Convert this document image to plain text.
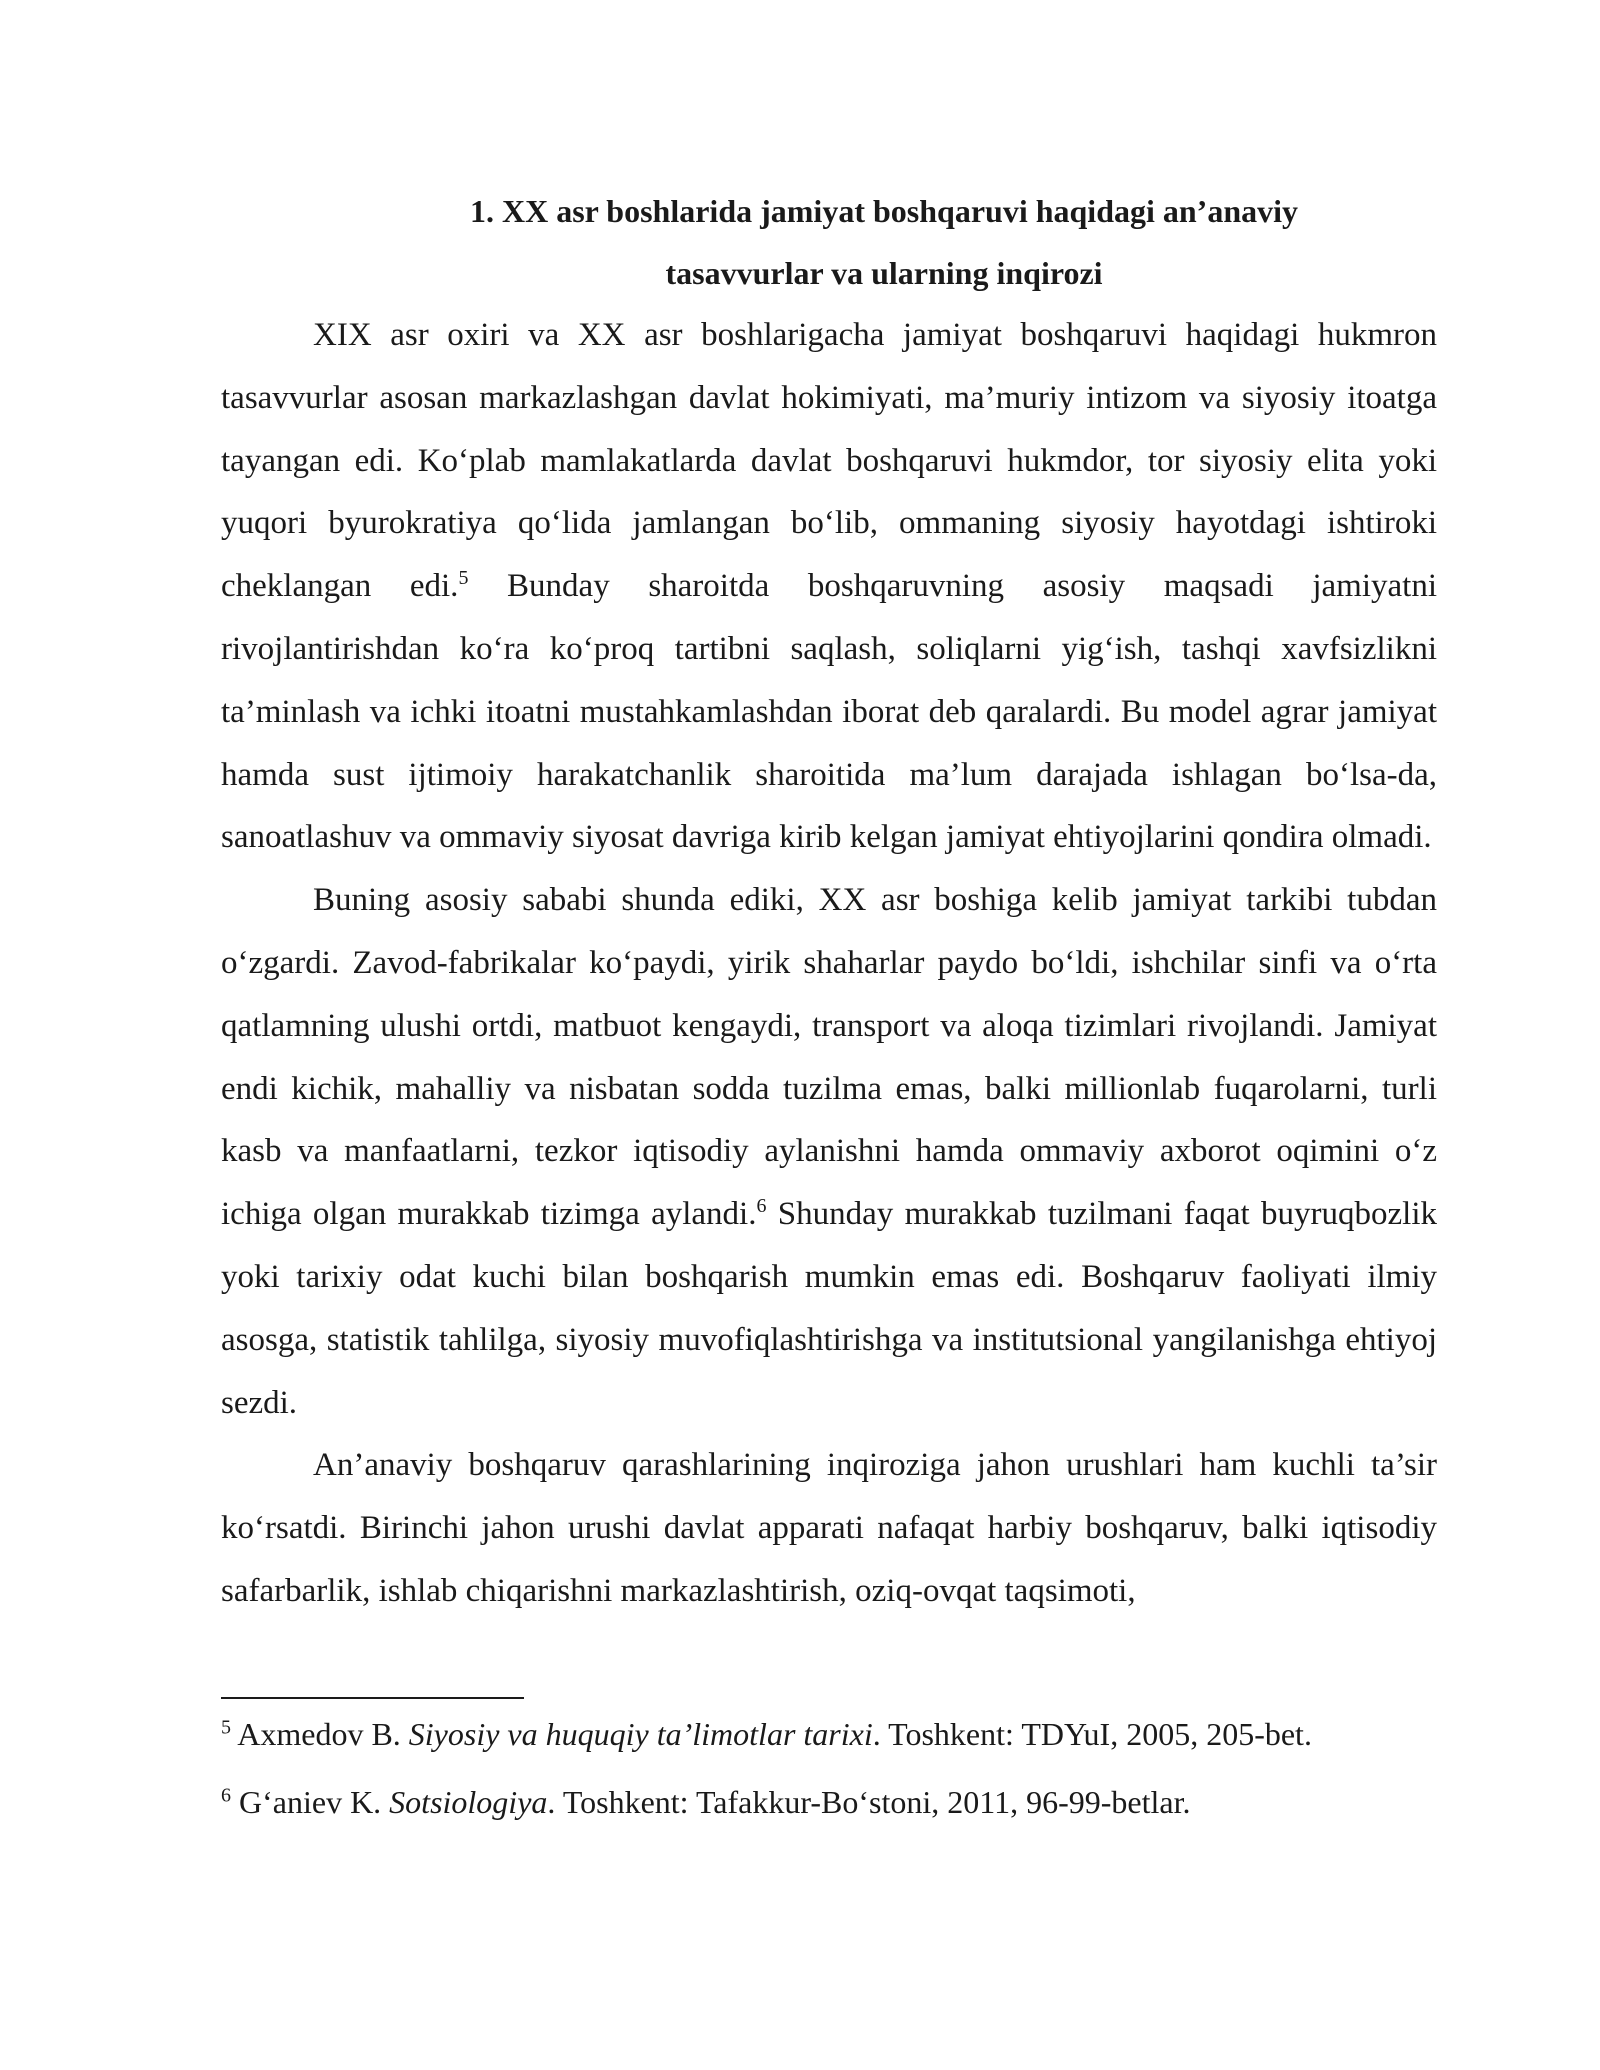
1. XX asr boshlarida jamiyat boshqaruvi haqidagi an’anaviy
tasavvurlar va ularning inqirozi

XIX asr oxiri va XX asr boshlarigacha jamiyat boshqaruvi haqidagi hukmron tasavvurlar asosan markazlashgan davlat hokimiyati, ma’muriy intizom va siyosiy itoatga tayangan edi. Ko‘plab mamlakatlarda davlat boshqaruvi hukmdor, tor siyosiy elita yoki yuqori byurokratiya qo‘lida jamlangan bo‘lib, ommaning siyosiy hayotdagi ishtiroki cheklangan edi.$^5$ Bunday sharoitda boshqaruvning asosiy maqsadi jamiyatni rivojlantirishdan ko‘ra ko‘proq tartibni saqlash, soliqlarni yig‘ish, tashqi xavfsizlikni ta’minlash va ichki itoatni mustahkamlashdan iborat deb qaralardi. Bu model agrar jamiyat hamda sust ijtimoiy harakatchanlik sharoitida ma’lum darajada ishlagan bo‘lsa-da, sanoatlashuv va ommaviy siyosat davriga kirib kelgan jamiyat ehtiyojlarini qondira olmadi.

Buning asosiy sababi shunda ediki, XX asr boshiga kelib jamiyat tarkibi tubdan o‘zgardi. Zavod-fabrikalar ko‘paydi, yirik shaharlar paydo bo‘ldi, ishchilar sinfi va o‘rta qatlamning ulushi ortdi, matbuot kengaydi, transport va aloqa tizimlari rivojlandi. Jamiyat endi kichik, mahalliy va nisbatan sodda tuzilma emas, balki millionlab fuqarolarni, turli kasb va manfaatlarni, tezkor iqtisodiy aylanishni hamda ommaviy axborot oqimini o‘z ichiga olgan murakkab tizimga aylandi.$^6$ Shunday murakkab tuzilmani faqat buyruqbozlik yoki tarixiy odat kuchi bilan boshqarish mumkin emas edi. Boshqaruv faoliyati ilmiy asosga, statistik tahlilga, siyosiy muvofiqlashtirishga va institutsional yangilanishga ehtiyoj sezdi.

An’anaviy boshqaruv qarashlarining inqiroziga jahon urushlari ham kuchli ta’sir ko‘rsatdi. Birinchi jahon urushi davlat apparati nafaqat harbiy boshqaruv, balki iqtisodiy safarbarlik, ishlab chiqarishni markazlashtirish, oziq-ovqat taqsimoti,

$^5$ Axmedov B. Siyosiy va huquqiy ta’limotlar tarixi. Toshkent: TDYuI, 2005, 205-bet.

$^6$ G‘aniev K. Sotsiologiya. Toshkent: Tafakkur-Bo‘stoni, 2011, 96-99-betlar.
